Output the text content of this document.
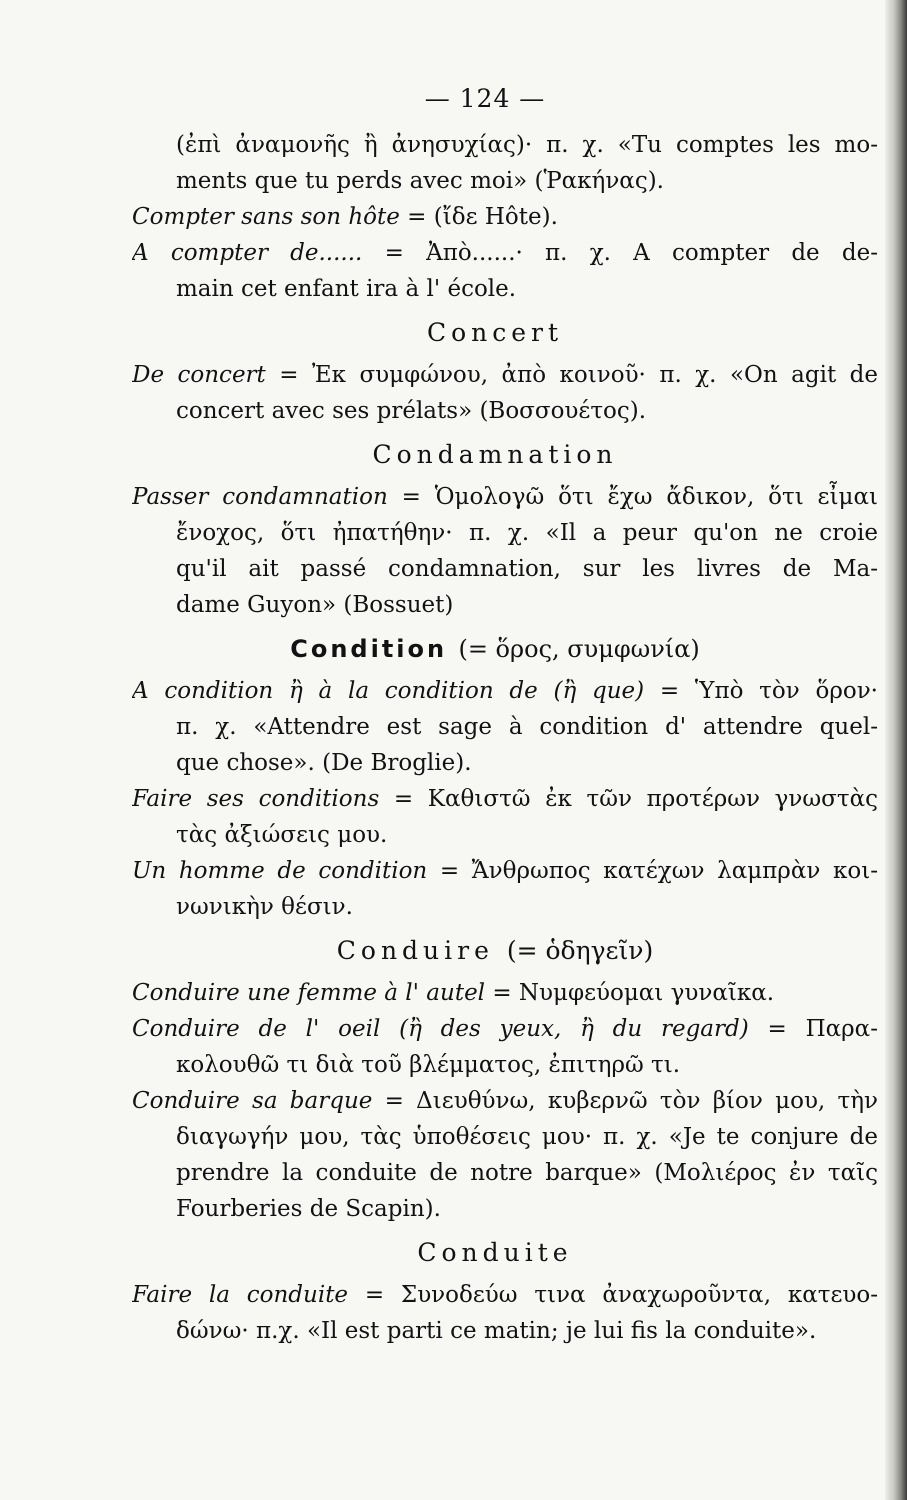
— 124 —
(ἐπὶ ἀναμονῆς ἢ ἀνησυχίας)· π. χ. «Tu comptes les mo-
ments que tu perds avec moi» (Ῥακήνας).
Compter sans son hôte = (ἴδε Hôte).
A compter de...... = Ἀπὸ......· π. χ. A compter de de-
main cet enfant ira à l' école.
Concert
De concert = Ἐκ συμφώνου, ἀπὸ κοινοῦ· π. χ. «On agit de
concert avec ses prélats» (Βοσσουέτος).
Condamnation
Passer condamnation = Ὁμολογῶ ὅτι ἔχω ἄδικον, ὅτι εἶμαι
ἔνοχος, ὅτι ἠπατήθην· π. χ. «Il a peur qu'on ne croie
qu'il ait passé condamnation, sur les livres de Ma-
dame Guyon» (Bossuet)
Condition (= ὅρος, συμφωνία)
A condition ἢ à la condition de (ἢ que) = Ὑπὸ τὸν ὅρον·
π. χ. «Attendre est sage à condition d' attendre quel-
que chose». (De Broglie).
Faire ses conditions = Καθιστῶ ἐκ τῶν προτέρων γνωστὰς
τὰς ἀξιώσεις μου.
Un homme de condition = Ἄνθρωπος κατέχων λαμπρὰν κοι-
νωνικὴν θέσιν.
Conduire (= ὁδηγεῖν)
Conduire une femme à l' autel = Νυμφεύομαι γυναῖκα.
Conduire de l' oeil (ἢ des yeux, ἢ du regard) = Παρα-
κολουθῶ τι διὰ τοῦ βλέμματος, ἐπιτηρῶ τι.
Conduire sa barque = Διευθύνω, κυβερνῶ τὸν βίον μου, τὴν
διαγωγήν μου, τὰς ὑποθέσεις μου· π. χ. «Je te conjure de
prendre la conduite de notre barque» (Μολιέρος ἐν ταῖς
Fourberies de Scapin).
Conduite
Faire la conduite = Συνοδεύω τινα ἀναχωροῦντα, κατευο-
δώνω· π.χ. «Il est parti ce matin; je lui fis la conduite».
